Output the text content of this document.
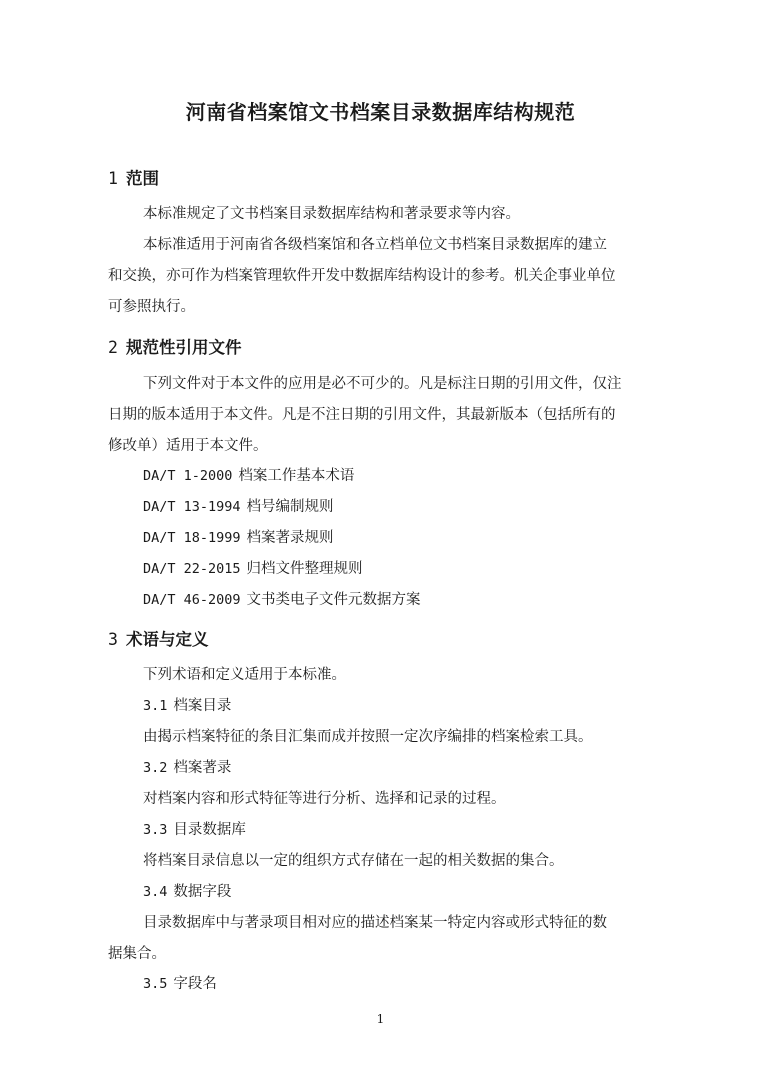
河南省档案馆文书档案目录数据库结构规范
1 范围
本标准规定了文书档案目录数据库结构和著录要求等内容。
本标准适用于河南省各级档案馆和各立档单位文书档案目录数据库的建立
和交换，亦可作为档案管理软件开发中数据库结构设计的参考。机关企事业单位
可参照执行。
2 规范性引用文件
下列文件对于本文件的应用是必不可少的。凡是标注日期的引用文件，仅注
日期的版本适用于本文件。凡是不注日期的引用文件，其最新版本（包括所有的
修改单）适用于本文件。
DA/T 1-2000 档案工作基本术语
DA/T 13-1994 档号编制规则
DA/T 18-1999 档案著录规则
DA/T 22-2015 归档文件整理规则
DA/T 46-2009 文书类电子文件元数据方案
3 术语与定义
下列术语和定义适用于本标准。
3.1 档案目录
由揭示档案特征的条目汇集而成并按照一定次序编排的档案检索工具。
3.2 档案著录
对档案内容和形式特征等进行分析、选择和记录的过程。
3.3 目录数据库
将档案目录信息以一定的组织方式存储在一起的相关数据的集合。
3.4 数据字段
目录数据库中与著录项目相对应的描述档案某一特定内容或形式特征的数
据集合。
3.5 字段名
1
